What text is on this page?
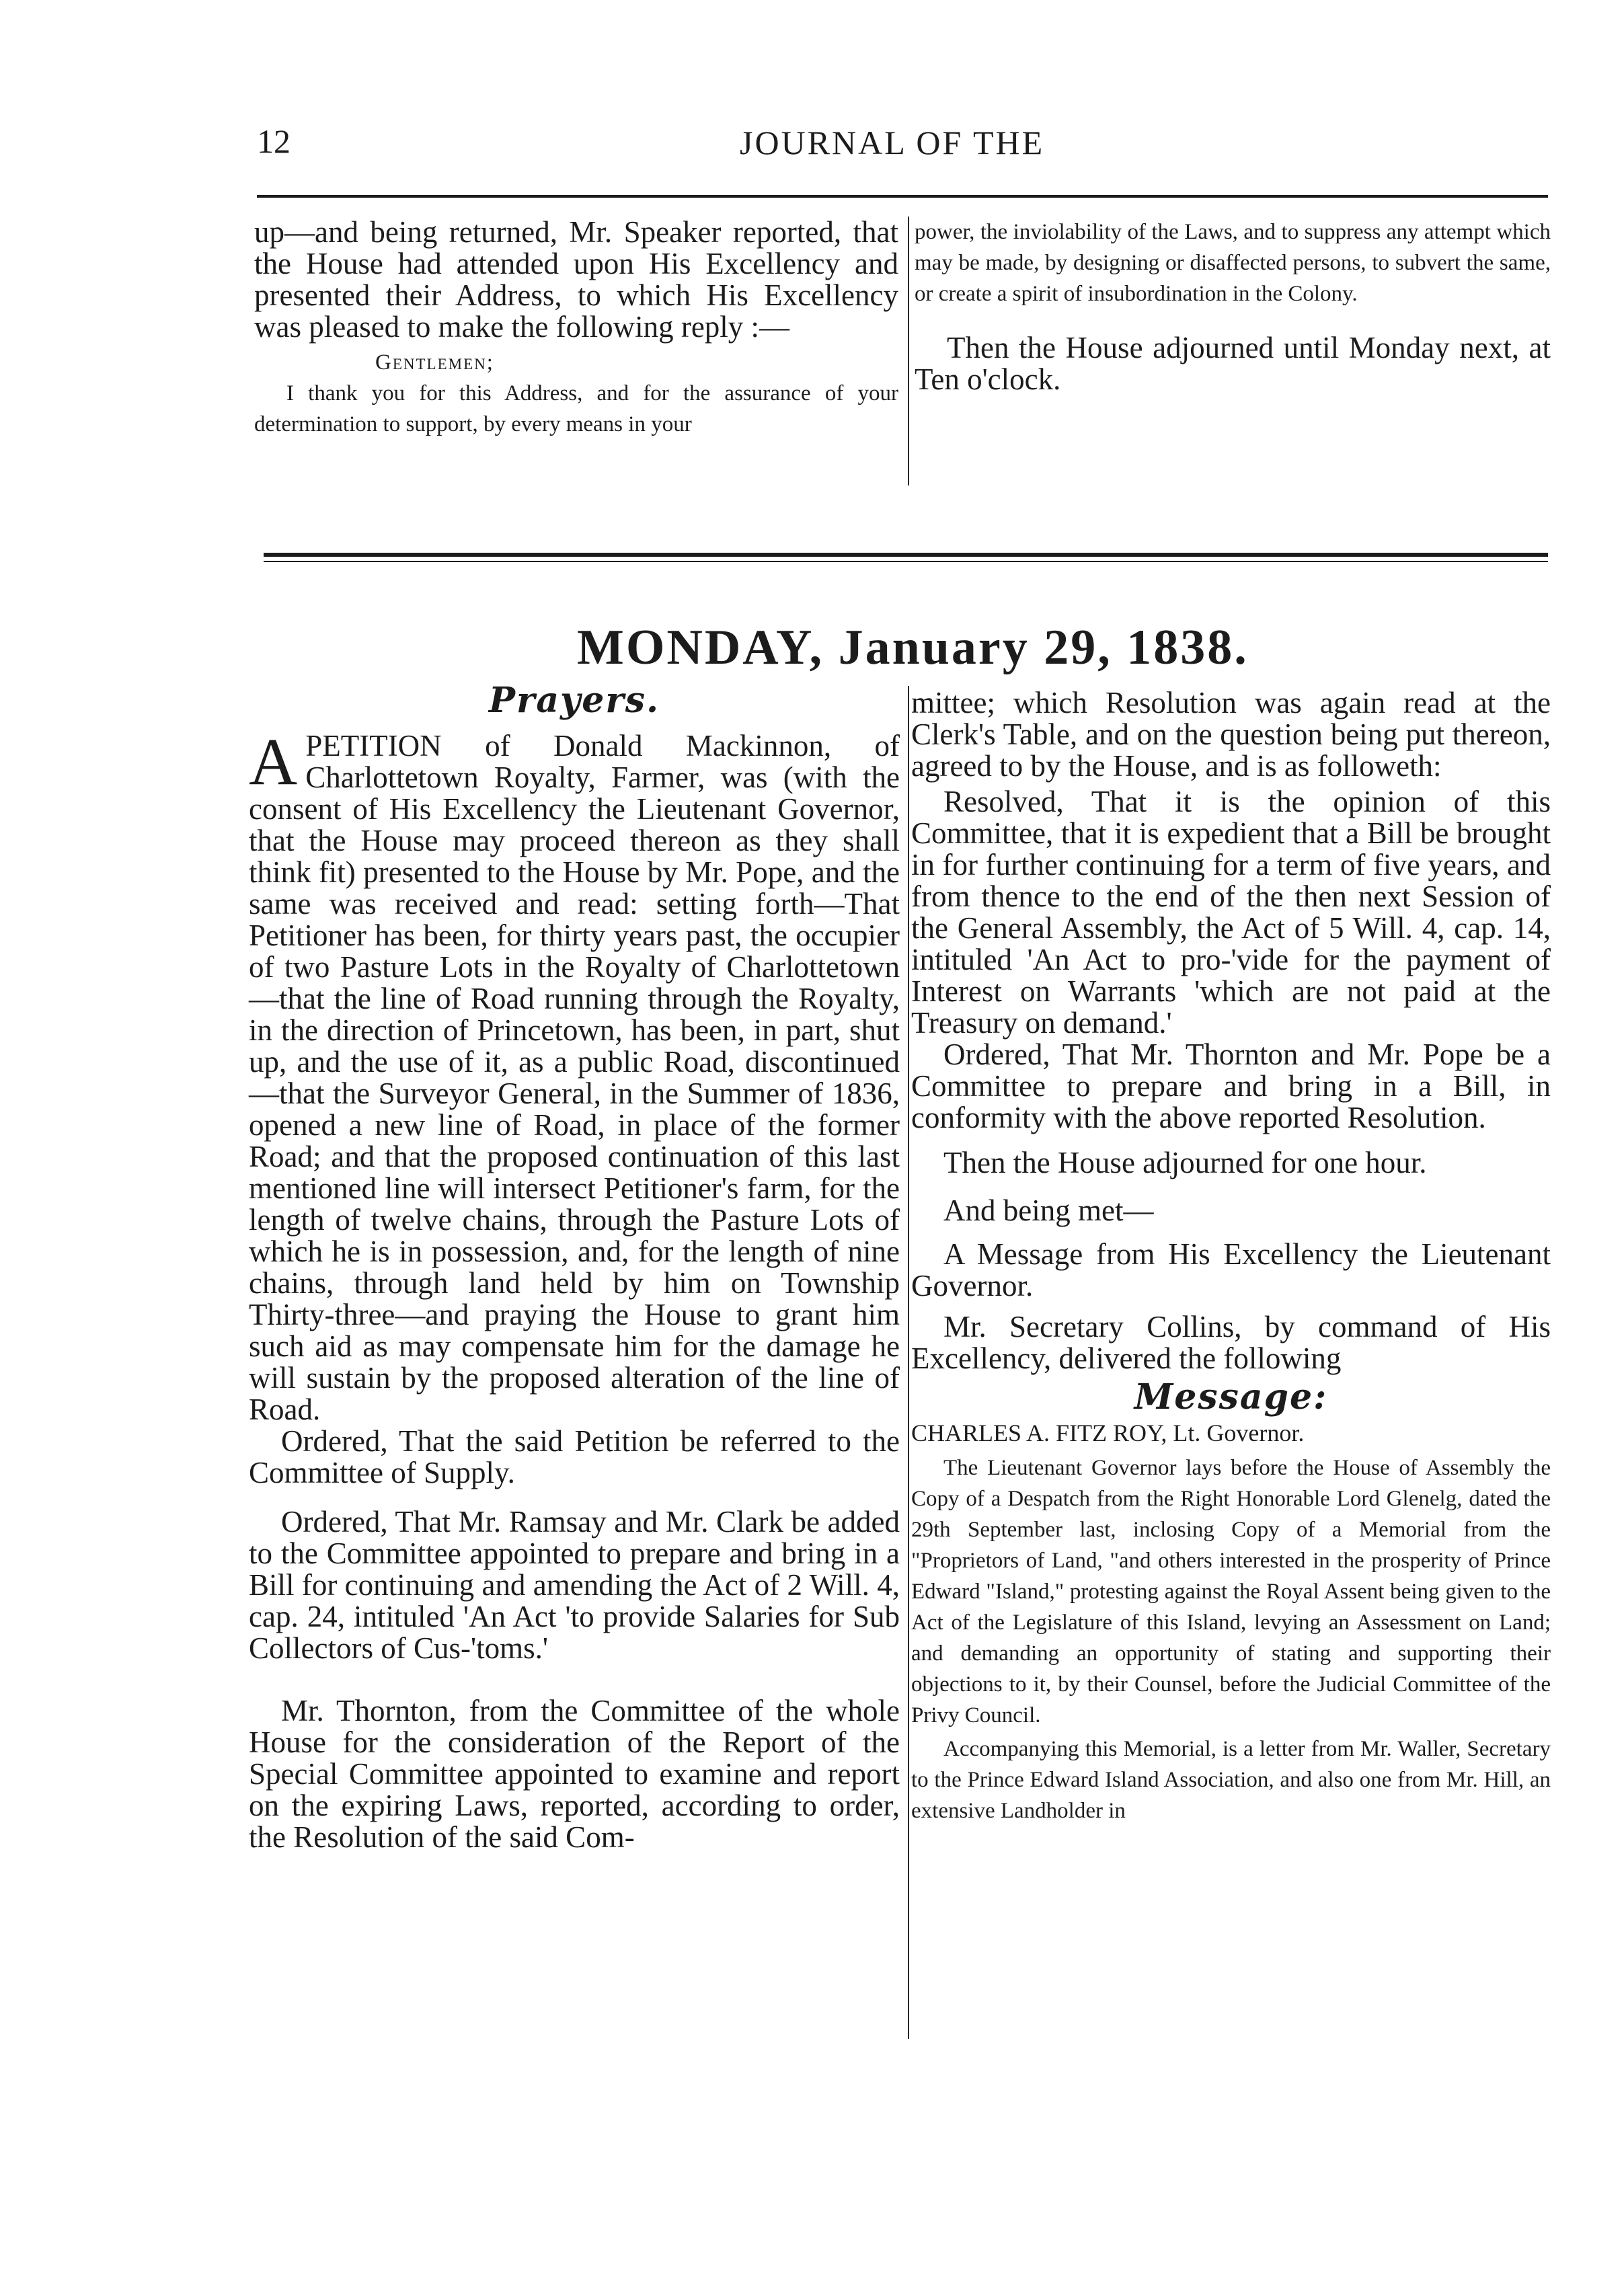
12	JOURNAL OF THE

up—and being returned, Mr. Speaker reported, that the House had attended upon His Excellency and presented their Address, to which His Excellency was pleased to make the following reply :—

Gentlemen;

I thank you for this Address, and for the assurance of your determination to support, by every means in your

power, the inviolability of the Laws, and to suppress any attempt which may be made, by designing or disaffected persons, to subvert the same, or create a spirit of insubordination in the Colony.

Then the House adjourned until Monday next, at Ten o'clock.

MONDAY, January 29, 1838.

Prayers.

A PETITION of Donald Mackinnon, of Charlottetown Royalty, Farmer, was (with the consent of His Excellency the Lieutenant Governor, that the House may proceed thereon as they shall think fit) presented to the House by Mr. Pope, and the same was received and read: setting forth—That Petitioner has been, for thirty years past, the occupier of two Pasture Lots in the Royalty of Charlottetown—that the line of Road running through the Royalty, in the direction of Princetown, has been, in part, shut up, and the use of it, as a public Road, discontinued—that the Surveyor General, in the Summer of 1836, opened a new line of Road, in place of the former Road; and that the proposed continuation of this last mentioned line will intersect Petitioner's farm, for the length of twelve chains, through the Pasture Lots of which he is in possession, and, for the length of nine chains, through land held by him on Township Thirty-three—and praying the House to grant him such aid as may compensate him for the damage he will sustain by the proposed alteration of the line of Road.

Ordered, That the said Petition be referred to the Committee of Supply.

Ordered, That Mr. Ramsay and Mr. Clark be added to the Committee appointed to prepare and bring in a Bill for continuing and amending the Act of 2 Will. 4, cap. 24, intituled 'An Act 'to provide Salaries for Sub Collectors of Cus-'toms.'

Mr. Thornton, from the Committee of the whole House for the consideration of the Report of the Special Committee appointed to examine and report on the expiring Laws, reported, according to order, the Resolution of the said Com-

mittee; which Resolution was again read at the Clerk's Table, and on the question being put thereon, agreed to by the House, and is as followeth:

Resolved, That it is the opinion of this Committee, that it is expedient that a Bill be brought in for further continuing for a term of five years, and from thence to the end of the then next Session of the General Assembly, the Act of 5 Will. 4, cap. 14, intituled 'An Act to pro-'vide for the payment of Interest on Warrants 'which are not paid at the Treasury on demand.'

Ordered, That Mr. Thornton and Mr. Pope be a Committee to prepare and bring in a Bill, in conformity with the above reported Resolution.

Then the House adjourned for one hour.

And being met—

A Message from His Excellency the Lieutenant Governor.

Mr. Secretary Collins, by command of His Excellency, delivered the following

Message:

CHARLES A. FITZ ROY, Lt. Governor.

The Lieutenant Governor lays before the House of Assembly the Copy of a Despatch from the Right Honorable Lord Glenelg, dated the 29th September last, inclosing Copy of a Memorial from the "Proprietors of Land, "and others interested in the prosperity of Prince Edward "Island," protesting against the Royal Assent being given to the Act of the Legislature of this Island, levying an Assessment on Land; and demanding an opportunity of stating and supporting their objections to it, by their Counsel, before the Judicial Committee of the Privy Council.

Accompanying this Memorial, is a letter from Mr. Waller, Secretary to the Prince Edward Island Association, and also one from Mr. Hill, an extensive Landholder in
